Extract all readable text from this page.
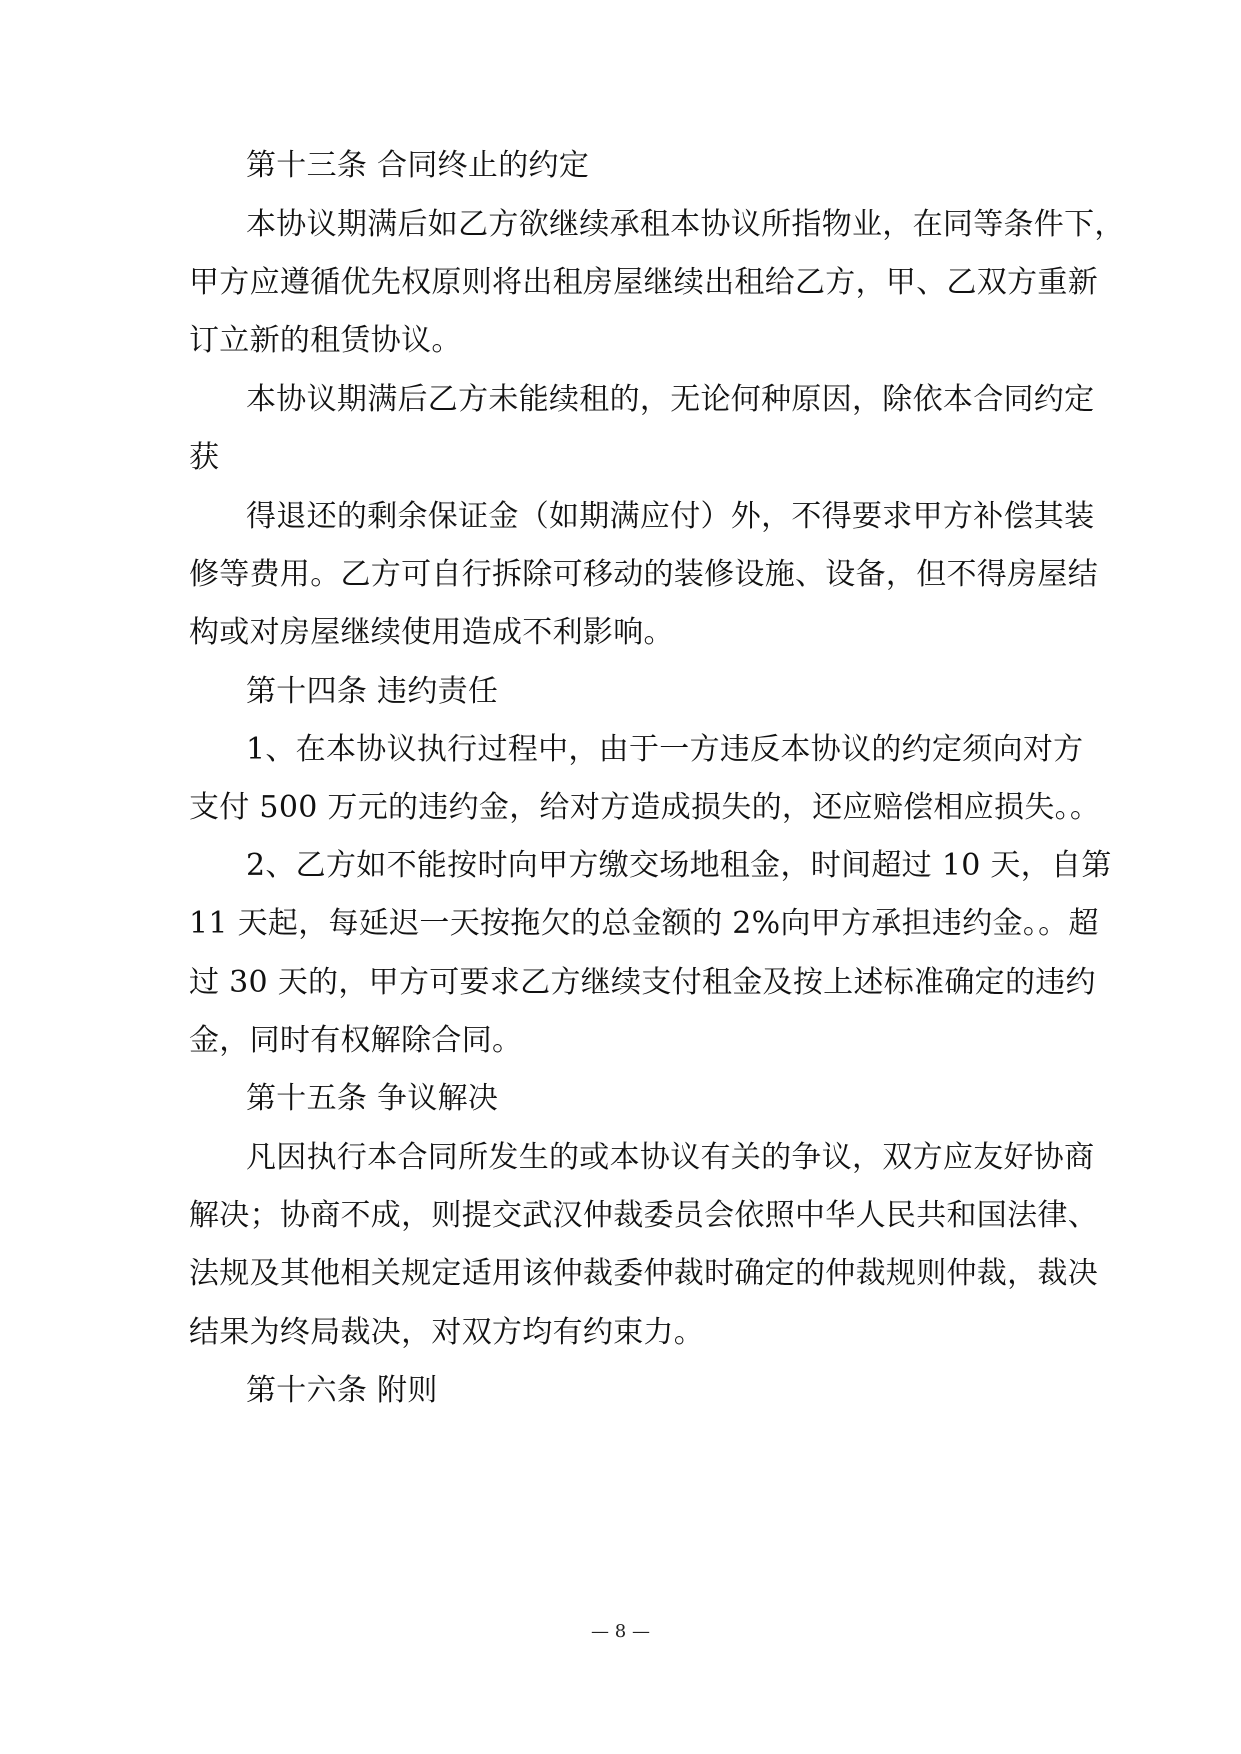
第十三条 合同终止的约定
本协议期满后如乙方欲继续承租本协议所指物业，在同等条件下，
甲方应遵循优先权原则将出租房屋继续出租给乙方，甲、乙双方重新
订立新的租赁协议。
本协议期满后乙方未能续租的，无论何种原因，除依本合同约定
获
得退还的剩余保证金（如期满应付）外，不得要求甲方补偿其装
修等费用。乙方可自行拆除可移动的装修设施、设备，但不得房屋结
构或对房屋继续使用造成不利影响。
第十四条 违约责任
1、在本协议执行过程中，由于一方违反本协议的约定须向对方
支付 500 万元的违约金，给对方造成损失的，还应赔偿相应损失。。
2、乙方如不能按时向甲方缴交场地租金，时间超过 10 天，自第
11 天起，每延迟一天按拖欠的总金额的 2%向甲方承担违约金。。超
过 30 天的，甲方可要求乙方继续支付租金及按上述标准确定的违约
金，同时有权解除合同。
第十五条 争议解决
凡因执行本合同所发生的或本协议有关的争议，双方应友好协商
解决；协商不成，则提交武汉仲裁委员会依照中华人民共和国法律、
法规及其他相关规定适用该仲裁委仲裁时确定的仲裁规则仲裁，裁决
结果为终局裁决，对双方均有约束力。
第十六条 附则
— 8 —
